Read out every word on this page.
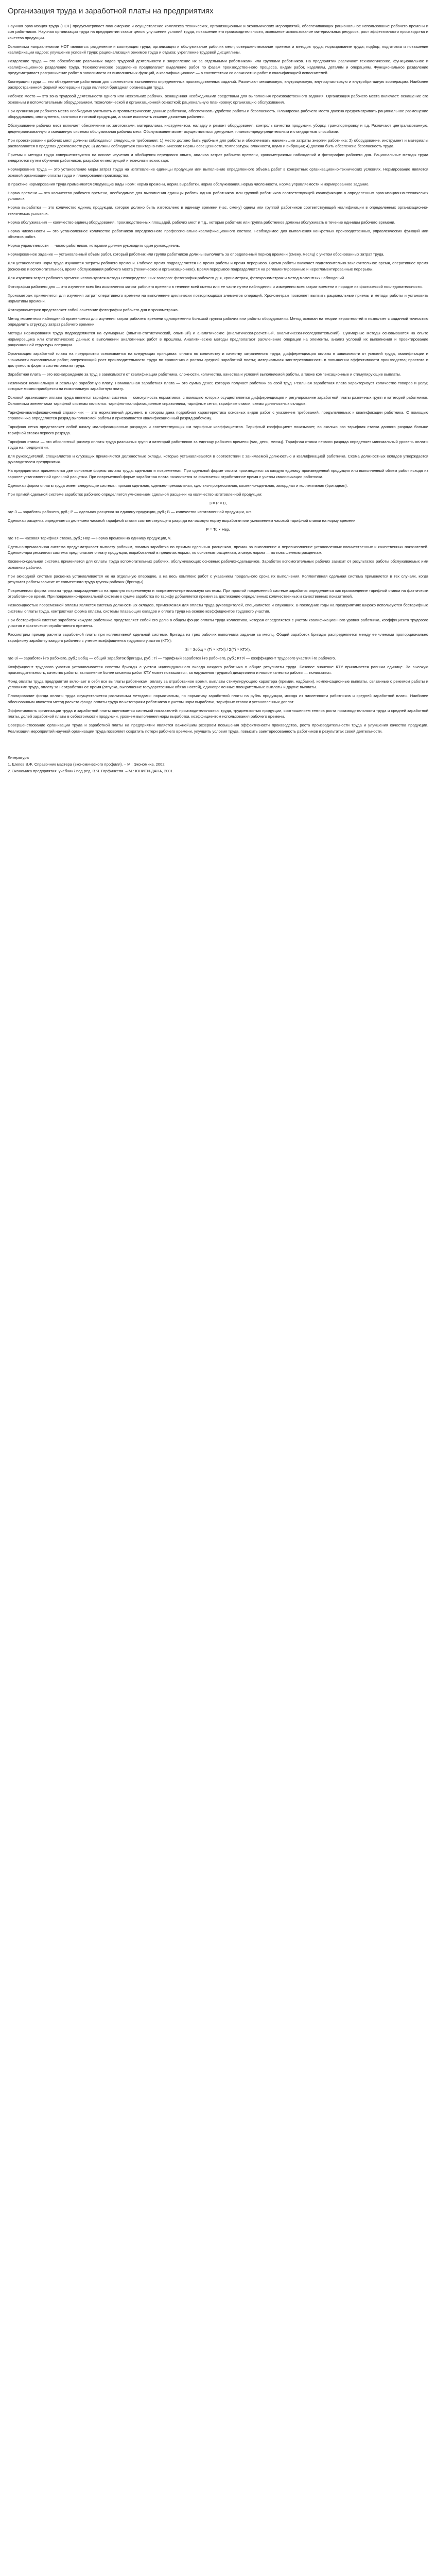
Организация труда и заработной платы на предприятиях

Научная организация труда (НОТ) предусматривает планомерное и осуществление комплекса технических, организационных и экономических мероприятий, обеспечивающих рациональное использование рабочего времени и сил работников. Научная организация труда на предприятии ставит целью улучшение условий труда, повышение его производительности, экономное использование материальных ресурсов, рост эффективности производства и качества продукции.

Основными направлениями НОТ являются: разделение и кооперация труда; организация и обслуживание рабочих мест; совершенствование приемов и методов труда; нормирование труда; подбор, подготовка и повышение квалификации кадров; улучшение условий труда; рационализация режимов труда и отдыха; укрепление трудовой дисциплины.

Разделение труда — это обособление различных видов трудовой деятельности и закрепление их за отдельными работниками или группами работников. На предприятии различают технологическое, функциональное и квалификационное разделение труда. Технологическое разделение предполагает выделение работ по фазам производственного процесса, видам работ, изделиям, деталям и операциям. Функциональное разделение предусматривает разграничение работ в зависимости от выполняемых функций, а квалификационное — в соответствии со сложностью работ и квалификацией исполнителей.

Кооперация труда — это объединение работников для совместного выполнения определенных производственных заданий. Различают межцеховую, внутрицеховую, внутриучастковую и внутрибригадную кооперацию. Наиболее распространенной формой кооперации труда является бригадная организация труда.

Рабочее место — это зона трудовой деятельности одного или нескольких рабочих, оснащенная необходимыми средствами для выполнения производственного задания. Организация рабочего места включает: оснащение его основным и вспомогательным оборудованием, технологической и организационной оснасткой; рациональную планировку; организацию обслуживания.

При организации рабочего места необходимо учитывать антропометрические данные работника, обеспечивать удобство работы и безопасность. Планировка рабочего места должна предусматривать рациональное размещение оборудования, инструмента, заготовок и готовой продукции, а также исключать лишние движения рабочего.

Обслуживание рабочих мест включает обеспечение их заготовками, материалами, инструментом, наладку и ремонт оборудования, контроль качества продукции, уборку, транспортировку и т.д. Различают централизованную, децентрализованную и смешанную системы обслуживания рабочих мест. Обслуживание может осуществляться дежурным, планово-предупредительным и стандартным способами.

При проектировании рабочих мест должны соблюдаться следующие требования: 1) место должно быть удобным для работы и обеспечивать наименьшие затраты энергии работника; 2) оборудование, инструмент и материалы располагаются в пределах досягаемости рук; 3) должны соблюдаться санитарно-гигиенические нормы освещенности, температуры, влажности, шума и вибрации; 4) должна быть обеспечена безопасность труда.

Приемы и методы труда совершенствуются на основе изучения и обобщения передового опыта, анализа затрат рабочего времени, хронометражных наблюдений и фотографии рабочего дня. Рациональные методы труда внедряются путем обучения работников, разработки инструкций и технологических карт.

Нормирование труда — это установление меры затрат труда на изготовление единицы продукции или выполнение определенного объема работ в конкретных организационно-технических условиях. Нормирование является основой организации оплаты труда и планирования производства.

В практике нормирования труда применяются следующие виды норм: норма времени, норма выработки, норма обслуживания, норма численности, норма управляемости и нормированное задание.

Норма времени — это количество рабочего времени, необходимое для выполнения единицы работы одним работником или группой работников соответствующей квалификации в определенных организационно-технических условиях.

Норма выработки — это количество единиц продукции, которое должно быть изготовлено в единицу времени (час, смену) одним или группой работников соответствующей квалификации в определенных организационно-технических условиях.

Норма обслуживания — количество единиц оборудования, производственных площадей, рабочих мест и т.д., которые работник или группа работников должны обслуживать в течение единицы рабочего времени.

Норма численности — это установленное количество работников определенного профессионально-квалификационного состава, необходимое для выполнения конкретных производственных, управленческих функций или объемов работ.

Норма управляемости — число работников, которыми должен руководить один руководитель.

Нормированное задание — установленный объем работ, который работник или группа работников должны выполнить за определенный период времени (смену, месяц) с учетом обоснованных затрат труда.

Для установления норм труда изучаются затраты рабочего времени. Рабочее время подразделяется на время работы и время перерывов. Время работы включает подготовительно-заключительное время, оперативное время (основное и вспомогательное), время обслуживания рабочего места (техническое и организационное). Время перерывов подразделяется на регламентированные и нерегламентированные перерывы.

Для изучения затрат рабочего времени используются методы непосредственных замеров: фотография рабочего дня, хронометраж, фотохронометраж и метод моментных наблюдений.

Фотография рабочего дня — это изучение всех без исключения затрат рабочего времени в течение всей смены или ее части путем наблюдения и измерения всех затрат времени в порядке их фактической последовательности.

Хронометраж применяется для изучения затрат оперативного времени на выполнение циклически повторяющихся элементов операций. Хронометраж позволяет выявить рациональные приемы и методы работы и установить нормативы времени.

Фотохронометраж представляет собой сочетание фотографии рабочего дня и хронометража.

Метод моментных наблюдений применяется для изучения затрат рабочего времени одновременно большой группы рабочих или работы оборудования. Метод основан на теории вероятностей и позволяет с заданной точностью определить структуру затрат рабочего времени.

Методы нормирования труда подразделяются на суммарные (опытно-статистический, опытный) и аналитические (аналитически-расчетный, аналитически-исследовательский). Суммарные методы основываются на опыте нормировщика или статистических данных о выполнении аналогичных работ в прошлом. Аналитические методы предполагают расчленение операции на элементы, анализ условий их выполнения и проектирование рациональной структуры операции.

Организация заработной платы на предприятии основывается на следующих принципах: оплата по количеству и качеству затраченного труда; дифференциация оплаты в зависимости от условий труда, квалификации и значимости выполняемых работ; опережающий рост производительности труда по сравнению с ростом средней заработной платы; материальная заинтересованность в повышении эффективности производства; простота и доступность форм и систем оплаты труда.

Заработная плата — это вознаграждение за труд в зависимости от квалификации работника, сложности, количества, качества и условий выполняемой работы, а также компенсационные и стимулирующие выплаты.

Различают номинальную и реальную заработную плату. Номинальная заработная плата — это сумма денег, которую получает работник за свой труд. Реальная заработная плата характеризует количество товаров и услуг, которые можно приобрести на номинальную заработную плату.

Основой организации оплаты труда является тарифная система — совокупность нормативов, с помощью которых осуществляется дифференциация и регулирование заработной платы различных групп и категорий работников. Основными элементами тарифной системы являются: тарифно-квалификационные справочники, тарифные сетки, тарифные ставки, схемы должностных окладов.

Тарифно-квалификационный справочник — это нормативный документ, в котором дана подробная характеристика основных видов работ с указанием требований, предъявляемых к квалификации работника. С помощью справочника определяется разряд выполняемой работы и присваивается квалификационный разряд рабочему.

Тарифная сетка представляет собой шкалу квалификационных разрядов и соответствующих им тарифных коэффициентов. Тарифный коэффициент показывает, во сколько раз тарифная ставка данного разряда больше тарифной ставки первого разряда.

Тарифная ставка — это абсолютный размер оплаты труда различных групп и категорий работников за единицу рабочего времени (час, день, месяц). Тарифная ставка первого разряда определяет минимальный уровень оплаты труда на предприятии.

Для руководителей, специалистов и служащих применяются должностные оклады, которые устанавливаются в соответствии с занимаемой должностью и квалификацией работника. Схема должностных окладов утверждается руководителем предприятия.

На предприятиях применяются две основные формы оплаты труда: сдельная и повременная. При сдельной форме оплата производится за каждую единицу произведенной продукции или выполненный объем работ исходя из заранее установленной сдельной расценки. При повременной форме заработная плата начисляется за фактически отработанное время с учетом квалификации работника.

Сдельная форма оплаты труда имеет следующие системы: прямая сдельная, сдельно-премиальная, сдельно-прогрессивная, косвенно-сдельная, аккордная и коллективная (бригадная).

При прямой сдельной системе заработок рабочего определяется умножением сдельной расценки на количество изготовленной продукции:

З = Р × В,

где З — заработок рабочего, руб.; Р — сдельная расценка за единицу продукции, руб.; В — количество изготовленной продукции, шт.

Сдельная расценка определяется делением часовой тарифной ставки соответствующего разряда на часовую норму выработки или умножением часовой тарифной ставки на норму времени:

Р = Тс × Нвр,

где Тс — часовая тарифная ставка, руб.; Нвр — норма времени на единицу продукции, ч.

Сдельно-премиальная система предусматривает выплату рабочим, помимо заработка по прямым сдельным расценкам, премии за выполнение и перевыполнение установленных количественных и качественных показателей. Сдельно-прогрессивная система предполагает оплату продукции, выработанной в пределах нормы, по основным расценкам, а сверх нормы — по повышенным расценкам.

Косвенно-сдельная система применяется для оплаты труда вспомогательных рабочих, обслуживающих основных рабочих-сдельщиков. Заработок вспомогательных рабочих зависит от результатов работы обслуживаемых ими основных рабочих.

При аккордной системе расценка устанавливается не на отдельную операцию, а на весь комплекс работ с указанием предельного срока их выполнения. Коллективная сдельная система применяется в тех случаях, когда результат работы зависит от совместного труда группы рабочих (бригады).

Повременная форма оплаты труда подразделяется на простую повременную и повременно-премиальную системы. При простой повременной системе заработок определяется как произведение тарифной ставки на фактически отработанное время. При повременно-премиальной системе к сумме заработка по тарифу добавляется премия за достижение определенных количественных и качественных показателей.

Разновидностью повременной оплаты является система должностных окладов, применяемая для оплаты труда руководителей, специалистов и служащих. В последние годы на предприятиях широко используются бестарифные системы оплаты труда, контрактная форма оплаты, системы плавающих окладов и оплата труда на основе коэффициентов трудового участия.

При бестарифной системе заработок каждого работника представляет собой его долю в общем фонде оплаты труда коллектива, которая определяется с учетом квалификационного уровня работника, коэффициента трудового участия и фактически отработанного времени.

Рассмотрим пример расчета заработной платы при коллективной сдельной системе. Бригада из трех рабочих выполнила задание за месяц. Общий заработок бригады распределяется между ее членами пропорционально тарифному заработку каждого рабочего с учетом коэффициента трудового участия (КТУ):

Зi = Зобщ × (Тi × КТУi) / Σ(Тi × КТУi),

где Зi — заработок i-го рабочего, руб.; Зобщ — общий заработок бригады, руб.; Тi — тарифный заработок i-го рабочего, руб.; КТУi — коэффициент трудового участия i-го рабочего.

Коэффициент трудового участия устанавливается советом бригады с учетом индивидуального вклада каждого работника в общие результаты труда. Базовое значение КТУ принимается равным единице. За высокую производительность, качество работы, выполнение более сложных работ КТУ может повышаться, за нарушения трудовой дисциплины и низкое качество работы — понижаться.

Фонд оплаты труда предприятия включает в себя все выплаты работникам: оплату за отработанное время, выплаты стимулирующего характера (премии, надбавки), компенсационные выплаты, связанные с режимом работы и условиями труда, оплату за неотработанное время (отпуска, выполнение государственных обязанностей), единовременные поощрительные выплаты и другие выплаты.

Планирование фонда оплаты труда осуществляется различными методами: нормативным, по нормативу заработной платы на рубль продукции, исходя из численности работников и средней заработной платы. Наиболее обоснованным является метод расчета фонда оплаты труда по категориям работников с учетом норм выработки, тарифных ставок и установленных доплат.

Эффективность организации труда и заработной платы оценивается системой показателей: производительностью труда, трудоемкостью продукции, соотношением темпов роста производительности труда и средней заработной платы, долей заработной платы в себестоимости продукции, уровнем выполнения норм выработки, коэффициентом использования рабочего времени.

Совершенствование организации труда и заработной платы на предприятии является важнейшим резервом повышения эффективности производства, роста производительности труда и улучшения качества продукции. Реализация мероприятий научной организации труда позволяет сократить потери рабочего времени, улучшить условия труда, повысить заинтересованность работников в результатах своей деятельности.

Литература

1. Шилов В.Ф. Справочник мастера (экономического профиля). – М.: Экономика, 2002.

2. Экономика предприятия: учебник / под ред. В.Я. Горфинкеля. – М.: ЮНИТИ-ДАНА, 2001.
